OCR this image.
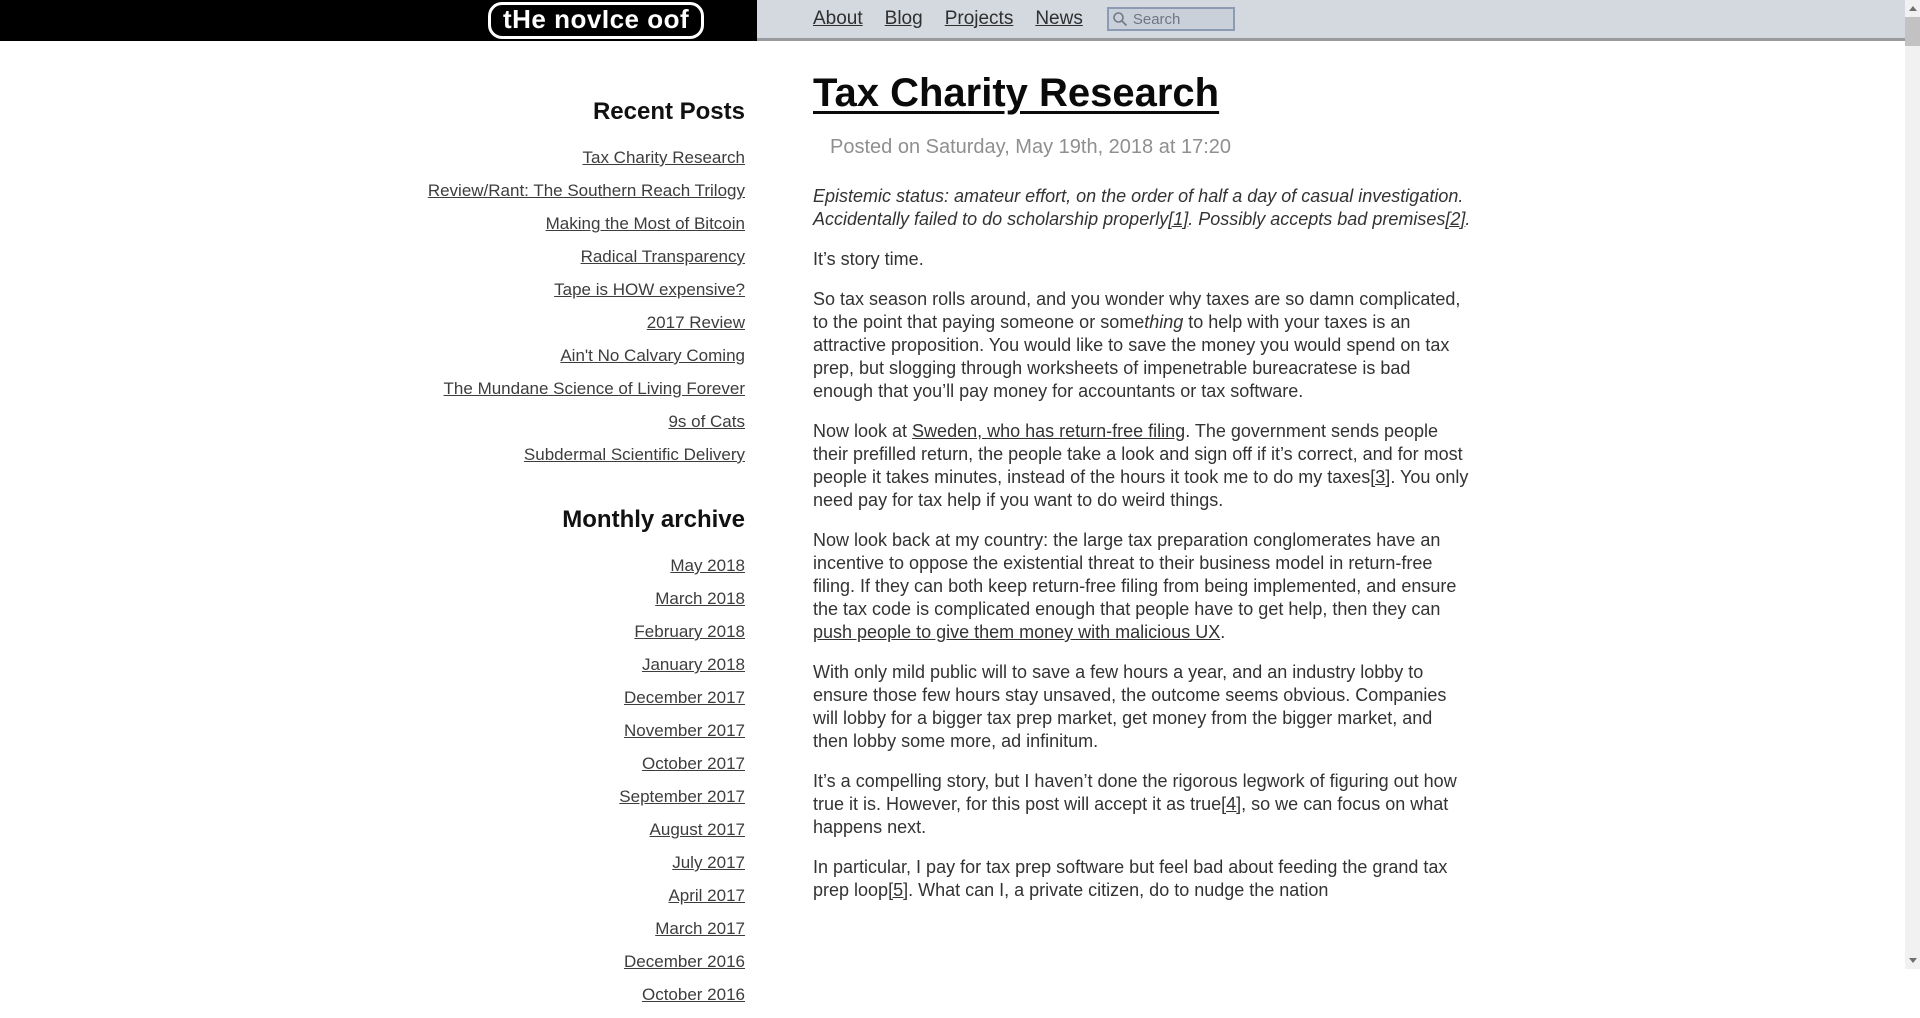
tHe novIce oof	About Blog Projects News
Search
Recent Posts
Tax Charity Research
Review/Rant: The Southern Reach Trilogy
Making the Most of Bitcoin
Radical Transparency
Tape is HOW expensive?
2017 Review
Ain't No Calvary Coming
The Mundane Science of Living Forever
9s of Cats
Subdermal Scientific Delivery
Monthly archive
May 2018
March 2018
February 2018
January 2018
December 2017
November 2017
October 2017
September 2017
August 2017
July 2017
April 2017
March 2017
December 2016
October 2016
Tax Charity Research
Posted on Saturday, May 19th, 2018 at 17:20

Epistemic status: amateur effort, on the order of half a day of casual investigation. Accidentally failed to do scholarship properly[1]. Possibly accepts bad premises[2].

It’s story time.

So tax season rolls around, and you wonder why taxes are so damn complicated, to the point that paying someone or something to help with your taxes is an attractive proposition. You would like to save the money you would spend on tax prep, but slogging through worksheets of impenetrable bureacratese is bad enough that you’ll pay money for accountants or tax software.

Now look at Sweden, who has return-free filing. The government sends people their prefilled return, the people take a look and sign off if it’s correct, and for most people it takes minutes, instead of the hours it took me to do my taxes[3]. You only need pay for tax help if you want to do weird things.

Now look back at my country: the large tax preparation conglomerates have an incentive to oppose the existential threat to their business model in return-free filing. If they can both keep return-free filing from being implemented, and ensure the tax code is complicated enough that people have to get help, then they can push people to give them money with malicious UX.

With only mild public will to save a few hours a year, and an industry lobby to ensure those few hours stay unsaved, the outcome seems obvious. Companies will lobby for a bigger tax prep market, get money from the bigger market, and then lobby some more, ad infinitum.

It’s a compelling story, but I haven’t done the rigorous legwork of figuring out how true it is. However, for this post will accept it as true[4], so we can focus on what happens next.

In particular, I pay for tax prep software but feel bad about feeding the grand tax prep loop[5]. What can I, a private citizen, do to nudge the nation
